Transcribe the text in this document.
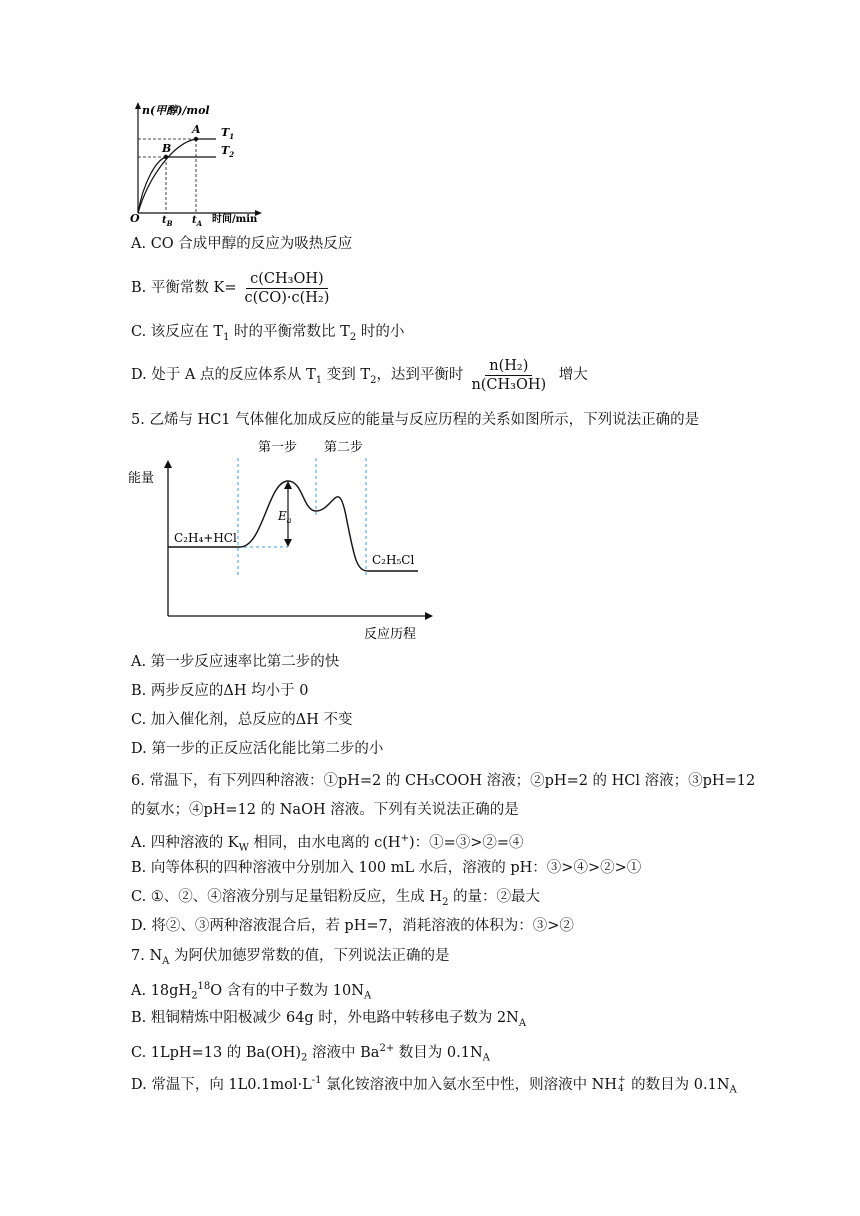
n(甲醇)/mol
A
B
$T_1$
$T_2$
O $t_B$ $t_A$ 时间/min
A. CO 合成甲醇的反应为吸热反应
B. 平衡常数 $K= \frac{\text{c(CH₃OH)}}{\text{c(CO)·c(H₂)}}$
C. 该反应在 $T_1$ 时的平衡常数比 $T_2$ 时的小
D. 处于 A 点的反应体系从 $T_1$ 变到 $T_2$，达到平衡时 $\frac{\text{n(H₂)}}{\text{n(CH₃OH)}}$ 增大
5. 乙烯与 HC1 气体催化加成反应的能量与反应历程的关系如图所示，下列说法正确的是
第一步 第二步
能量
反应历程
$E_a$
C₂H₄+HCl
C₂H₅Cl
A. 第一步反应速率比第二步的快
B. 两步反应的ΔH 均小于 0
C. 加入催化剂，总反应的ΔH 不变
D. 第一步的正反应活化能比第二步的小
6. 常温下，有下列四种溶液：①pH=2 的 CH₃COOH 溶液；②pH=2 的 HCl 溶液；③pH=12
的氨水；④pH=12 的 NaOH 溶液。下列有关说法正确的是
A. 四种溶液的 $K_W$ 相同，由水电离的 c(H+)：①=③>②=④
B. 向等体积的四种溶液中分别加入 100 mL 水后，溶液的 pH：③>④>②>①
C. ①、②、④溶液分别与足量铝粉反应，生成 $H_2$ 的量：②最大
D. 将②、③两种溶液混合后，若 pH=7，消耗溶液的体积为：③>②
7. $N_A$ 为阿伏加德罗常数的值，下列说法正确的是
A. $18gH_2^{18}O$ 含有的中子数为 $10N_A$
B. 粗铜精炼中阳极减少 64g 时，外电路中转移电子数为 $2N_A$
C. 1LpH=13 的 $Ba(OH)_2$ 溶液中 $Ba^{2+}$ 数目为 $0.1N_A$
D. 常温下，向 $1L0.1mol\cdot L^{-1}$ 氯化铵溶液中加入氨水至中性，则溶液中 NH +
4 的数目为 $0.1N_A$
